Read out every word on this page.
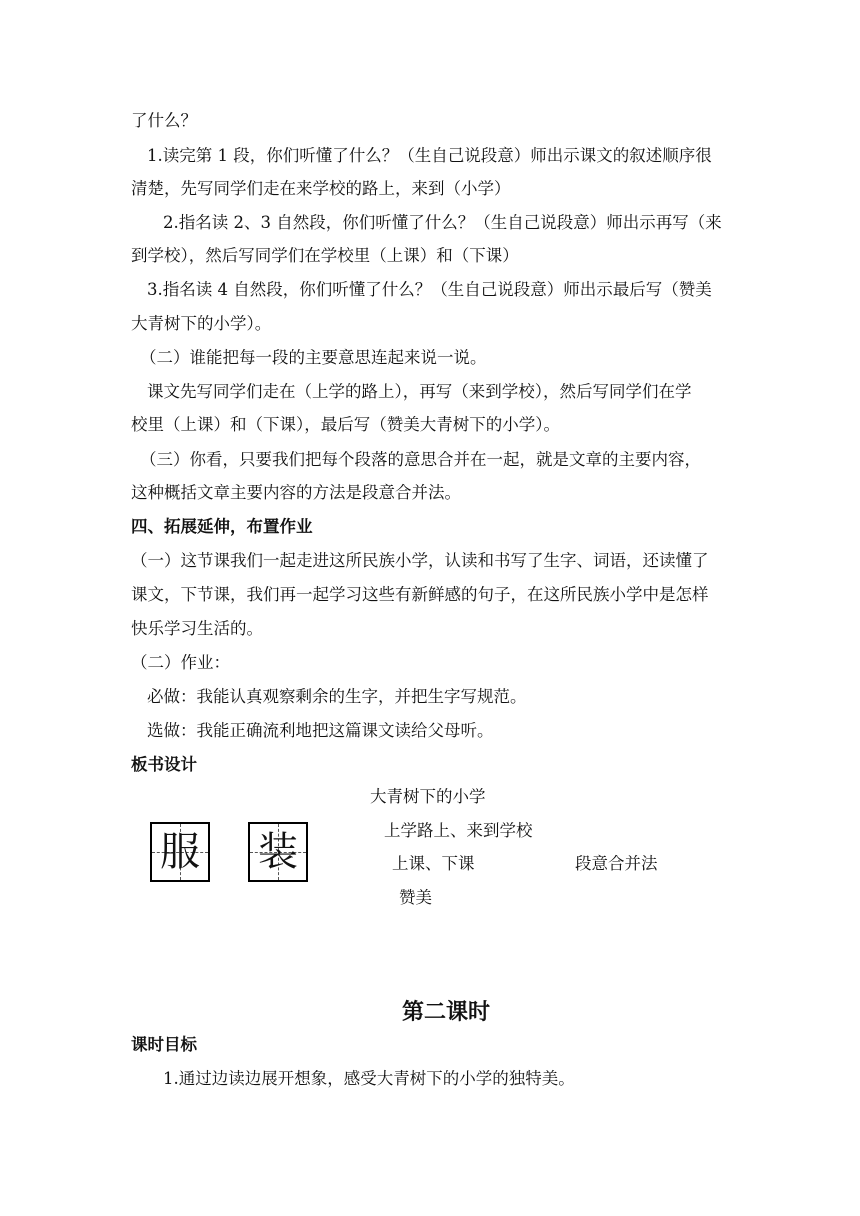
了什么？
1.读完第 1 段，你们听懂了什么？（生自己说段意）师出示课文的叙述顺序很
清楚，先写同学们走在来学校的路上，来到（小学）
2.指名读 2、3 自然段，你们听懂了什么？（生自己说段意）师出示再写（来
到学校），然后写同学们在学校里（上课）和（下课）
3.指名读 4 自然段，你们听懂了什么？（生自己说段意）师出示最后写（赞美
大青树下的小学）。
（二）谁能把每一段的主要意思连起来说一说。
课文先写同学们走在（上学的路上），再写（来到学校），然后写同学们在学
校里（上课）和（下课），最后写（赞美大青树下的小学）。
（三）你看，只要我们把每个段落的意思合并在一起，就是文章的主要内容，
这种概括文章主要内容的方法是段意合并法。
四、拓展延伸，布置作业
（一）这节课我们一起走进这所民族小学，认读和书写了生字、词语，还读懂了
课文，下节课，我们再一起学习这些有新鲜感的句子，在这所民族小学中是怎样
快乐学习生活的。
（二）作业：
必做：我能认真观察剩余的生字，并把生字写规范。
选做：我能正确流利地把这篇课文读给父母听。
板书设计
服 装
大青树下的小学
上学路上、来到学校
上课、下课	段意合并法
赞美
第二课时
课时目标
1.通过边读边展开想象，感受大青树下的小学的独特美。
